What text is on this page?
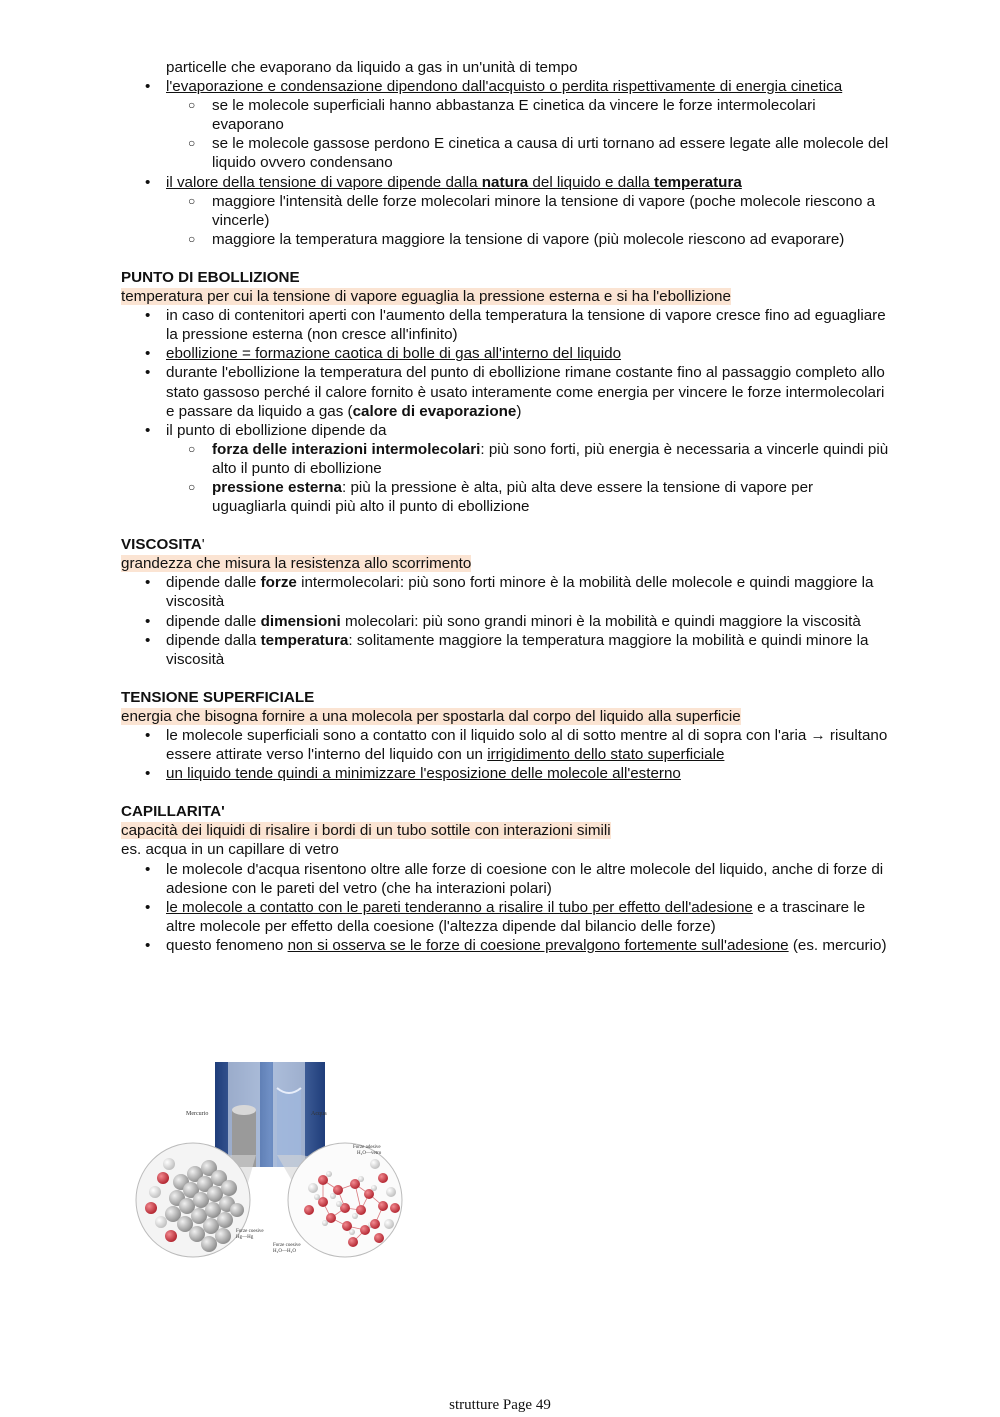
particelle che evaporano da liquido a gas in un'unità di tempo

• l'evaporazione e condensazione dipendono dall'acquisto o perdita rispettivamente di energia cinetica
○ se le molecole superficiali hanno abbastanza E cinetica da vincere le forze intermolecolari evaporano
○ se le molecole gassose perdono E cinetica a causa di urti tornano ad essere legate alle molecole del liquido ovvero condensano
• il valore della tensione di vapore dipende dalla natura del liquido e dalla temperatura
○ maggiore l'intensità delle forze molecolari minore la tensione di vapore (poche molecole riescono a vincerle)
○ maggiore la temperatura maggiore la tensione di vapore (più molecole riescono ad evaporare)

PUNTO DI EBOLLIZIONE

temperatura per cui la tensione di vapore eguaglia la pressione esterna e si ha l'ebollizione

• in caso di contenitori aperti con l'aumento della temperatura la tensione di vapore cresce fino ad eguagliare la pressione esterna (non cresce all'infinito)
• ebollizione = formazione caotica di bolle di gas all'interno del liquido
• durante l'ebollizione la temperatura del punto di ebollizione rimane costante fino al passaggio completo allo stato gassoso perché il calore fornito è usato interamente come energia per vincere le forze intermolecolari e passare da liquido a gas (calore di evaporazione)
• il punto di ebollizione dipende da
○ forza delle interazioni intermolecolari: più sono forti, più energia è necessaria a vincerle quindi più alto il punto di ebollizione
○ pressione esterna: più la pressione è alta, più alta deve essere la tensione di vapore per uguagliarla quindi più alto il punto di ebollizione

VISCOSITA'

grandezza che misura la resistenza allo scorrimento

• dipende dalle forze intermolecolari: più sono forti minore è la mobilità delle molecole e quindi maggiore la viscosità
• dipende dalle dimensioni molecolari: più sono grandi minori è la mobilità e quindi maggiore la viscosità
• dipende dalla temperatura: solitamente maggiore la temperatura maggiore la mobilità e quindi minore la viscosità

TENSIONE SUPERFICIALE

energia che bisogna fornire a una molecola per spostarla dal corpo del liquido alla superficie

• le molecole superficiali sono a contatto con il liquido solo al di sotto mentre al di sopra con l'aria → risultano essere attirate verso l'interno del liquido con un irrigidimento dello stato superficiale
• un liquido tende quindi a minimizzare l'esposizione delle molecole all'esterno

CAPILLARITA'

capacità dei liquidi di risalire i bordi di un tubo sottile con interazioni simili

es. acqua in un capillare di vetro

• le molecole d'acqua risentono oltre alle forze di coesione con le altre molecole del liquido, anche di forze di adesione con le pareti del vetro (che ha interazioni polari)
• le molecole a contatto con le pareti tenderanno a risalire il tubo per effetto dell'adesione e a trascinare le altre molecole per effetto della coesione (l'altezza dipende dal bilancio delle forze)
• questo fenomeno non si osserva se le forze di coesione prevalgono fortemente sull'adesione (es. mercurio)
Mercurio	Acqua
Forze coesive
Hg—Hg
Forze adesive
H₂O—vetro
Forze coesive
H₂O—H₂O
strutture Page 49
